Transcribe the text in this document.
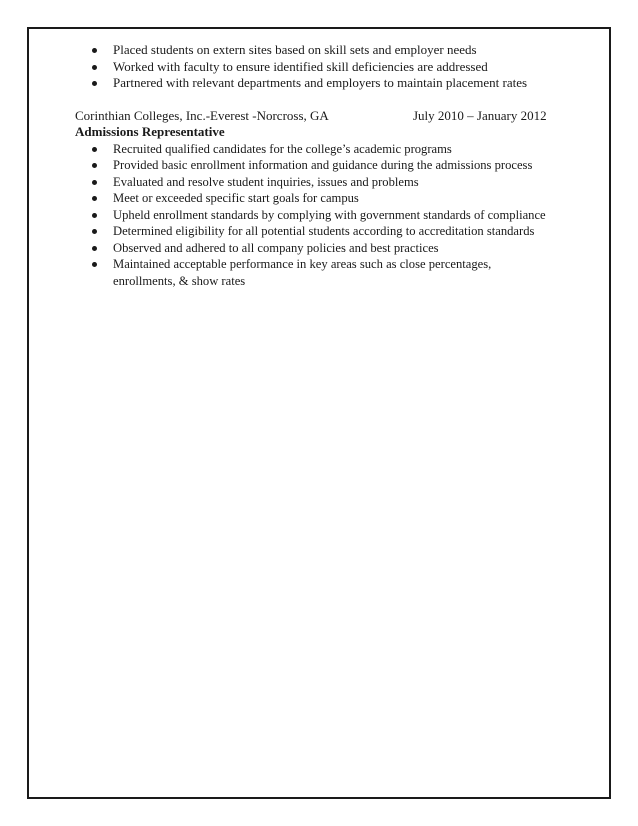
Placed students on extern sites based on skill sets and employer needs
Worked with faculty to ensure identified skill deficiencies are addressed
Partnered with relevant departments and employers to maintain placement rates
Corinthian Colleges, Inc.-Everest -Norcross, GA	July 2010 – January 2012
Admissions Representative
Recruited qualified candidates for the college’s academic programs
Provided basic enrollment information and guidance during the admissions process
Evaluated and resolve student inquiries, issues and problems
Meet or exceeded specific start goals for campus
Upheld enrollment standards by complying with government standards of compliance
Determined eligibility for all potential students according to accreditation standards
Observed and adhered to all company policies and best practices
Maintained acceptable performance in key areas such as close percentages, enrollments, & show rates
